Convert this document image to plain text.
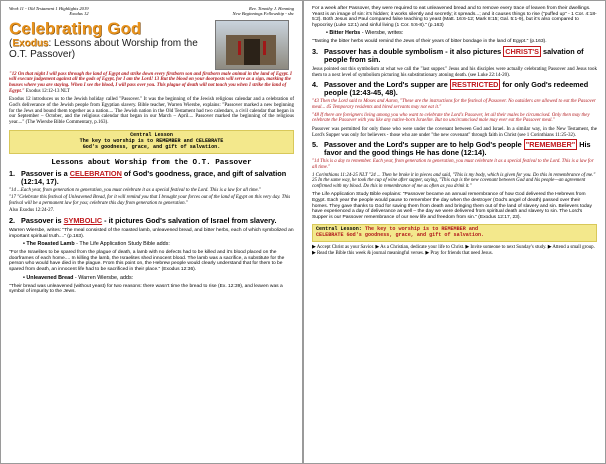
Week 11 - Old Testament 1 Highlights 2019
Exodus 12
Rev. Timothy J. Henning
New Beginnings Fellowship - sbc
Celebrating God
(Exodus: Lessons about Worship from the O.T. Passover)
"12 On that night I will pass through the land of Egypt and strike down every firstborn son and firstborn male animal in the land of Egypt. I will execute judgement against all the gods of Egypt, for I am the Lord! 13 But the blood on your doorposts will serve as a sign, marking the houses where you are staying. When I see the blood, I will pass over you. This plague of death will not touch you when I strike the land of Egypt." Exodus 12:12-13 NLT

Exodus 12 introduces us to the Jewish holiday called "Passover." It was the beginning of the Jewish religious calendar and a celebration of God's deliverance of the Jewish people from Egyptian slavery. Bible teacher, Warren Wiersbe, explains: "Passover marked a new beginning for the Jews and bound them together as a nation.... The Jewish nation in the Old Testament had two calendars, a civil calendar that began in our September – October, and the religious calendar that began in our March – April.... Passover marked the beginning of the religious year...." (The Wiersbe Bible Commentary, p.163).

Central Lesson
The key to worship is to REMEMBER and CELEBRATE
God's goodness, grace, and gift of salvation.
Lessons about Worship from the O.T. Passover
1. Passover is a CELEBRATION of God's goodness, grace, and gift of salvation (12:14, 17).
"14 ...Each year, from generation to generation, you must celebrate it as a special festival to the Lord. This is a law for all time."
"17 "Celebrate this festival of Unleavened Bread, for it will remind you that I brought your forces out of the land of Egypt on this very day. This festival will be a permanent law for you; celebrate this day from generation to generation."
Also Exodus 12:24-27.
2. Passover is SYMBOLIC - it pictures God's salvation of Israel from slavery.

Warren Wiersbe, writes: "The meal consisted of the roasted lamb, unleavened bread, and bitter herbs, each of which symbolized an important spiritual truth...." (p.163).

• The Roasted Lamb - The Life Application Study Bible adds:

"For the Israelites to be spared from the plague of death, a lamb with no defects had to be killed and it's blood placed on the doorframes of each home.... In killing the lamb, the Israelites shed innocent blood. The lamb was a sacrifice, a substitute for the person who would have died in the plague. From this point on, the Hebrew people would clearly understand that for them to be spared from death, an innocent life had to be sacrificed in their place." (Exodus 12:36).

• Unleavened Bread - Warren Wiersbe, adds:

"Their bread was unleavened (without yeast) for two reasons: there wasn't time the bread to rise (Ex. 12:39), and leaven was a symbol of impurity to the Jews.

For a week after Passover, they were required to eat unleavened bread and to remove every trace of leaven from their dwellings. Yeast is an image of sin: it's hidden; it works silently and secretly; it spreads...; and it causes things to rise ("puffed up" - 1 Cor. 4:18-5:2). Both Jesus and Paul compared false teaching to yeast (Matt. 16:6-12; Mark 8:15; Gal. 5:1-9), but it's also compared to hypocrisy (Luke 12:1) and sinful living (1 Cor. 5:6-8)." (p.163)

• Bitter Herbs - Wiersbe, writes:

"Tasting the bitter herbs would remind the Jews of their years of bitter bondage in the land of Egypt." (p.163).

3. Passover has a double symbolism - it also pictures CHRIST'S salvation of people from sin.

Jesus pointed out this symbolism at what we call the "last supper." Jesus and his disciples were actually celebrating Passover and Jesus took them to a next level of symbolism picturing his substitutionary atoning death. (see Luke 22:14-20).

4. Passover and the Lord's supper are RESTRICTED for only God's redeemed people (12:43-45, 48).
"43 Then the Lord said to Moses and Aaron, "These are the instructions for the festival of Passover. No outsiders are allowed to eat the Passover meal... 45 Temporary residents and hired servants may not eat it."
"48 If there are foreigners living among you who want to celebrate the Lord's Passover, let all their males be circumcised. Only then may they celebrate the Passover with you like any native-born Israelite. But no uncircumcised male may ever eat the Passover meal."

Passover was permitted for only those who were under the covenant between God and Israel. In a similar way, in the New Testament, the Lord's Supper was only for believers - those who are under "the new covenant" through faith in Christ (see 1 Corinthians 11:25-32).

5. Passover and the Lord's supper are to help God's people "REMEMBER" His favor and the good things He has done (12:14).
"14 This is a day to remember. Each year, from generation to generation, you must celebrate it as a special festival to the Lord. This is a law for all time."
1 Corinthians 11:24-25 NLT "24 ... Then he broke it in pieces and said, "This is my body, which is given for you. Do this in remembrance of me." 25 In the same way, he took the cup of wine after supper, saying, "This cup is the new covenant between God and his people—an agreement confirmed with my blood. Do this in remembrance of me as often as you drink it."

The Life Application Study Bible explains: "Passover became an annual remembrance of how God delivered the Hebrews from Egypt. Each year the people would pause to remember the day when the destroyer (God's angel of death) passed over their homes. They gave thanks to God for saving them from death and bringing them out of the land of slavery and sin. Believers today have experienced a day of deliverance as well – the day we were delivered from spiritual death and slavery to sin. The Lord's Supper is our Passover remembrance of our new life and freedom from sin." (Exodus 12:17, 23).

Central Lesson: The key to worship is to REMEMBER and
CELEBRATE God's goodness, grace, and gift of salvation.
▶ Accept Christ as your Savior. ▶ As a Christian, dedicate your life to Christ. ▶ Invite someone to next Sunday's study. ▶ Attend a small group. ▶ Read the Bible this week & journal meaningful verses. ▶ Pray for friends that need Jesus.
